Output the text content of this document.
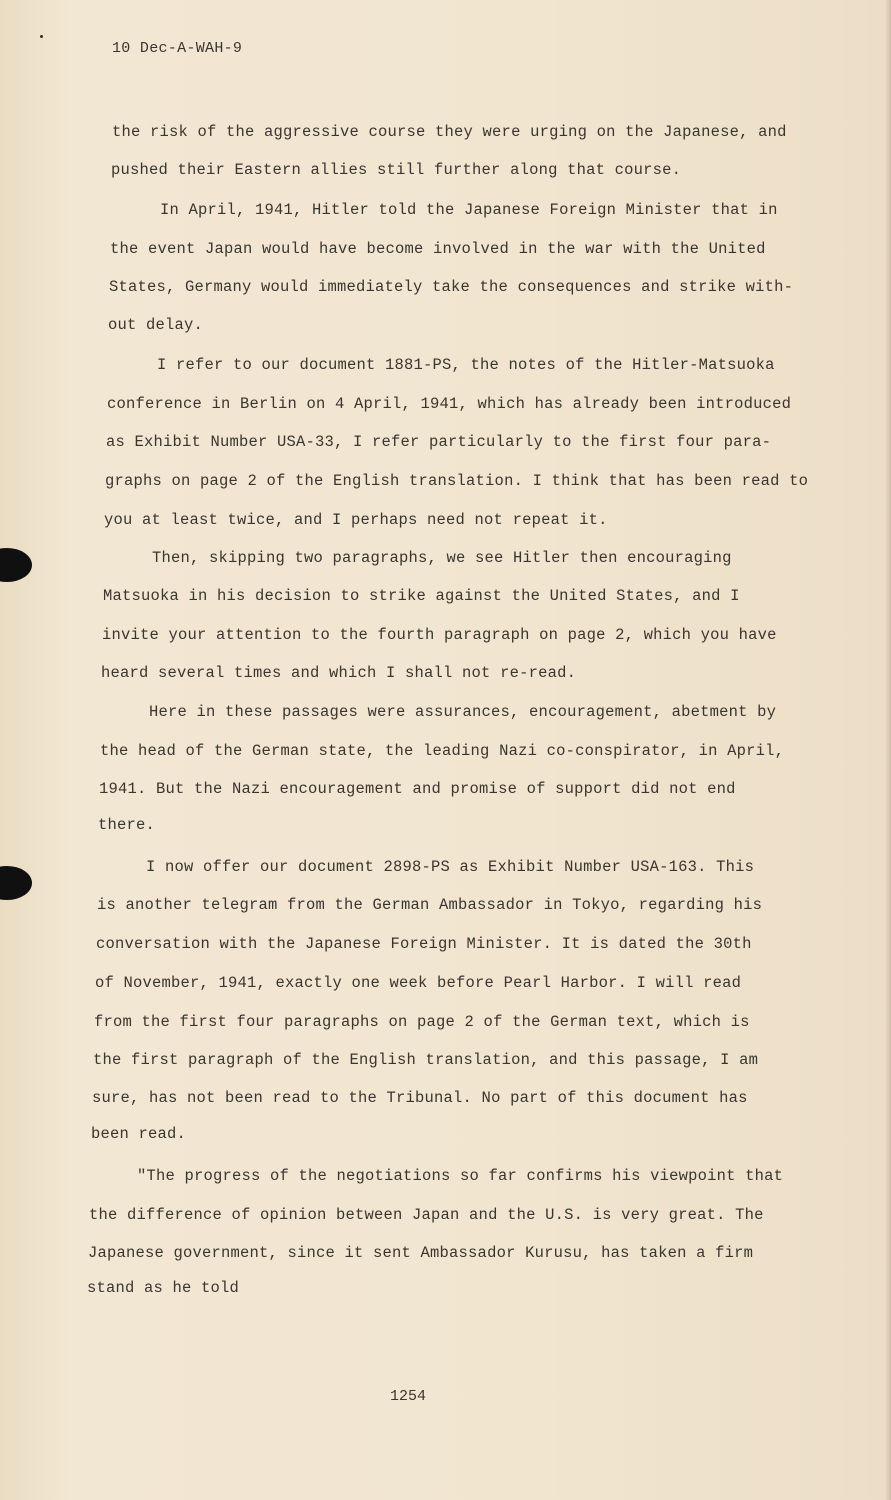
10 Dec-A-WAH-9
the risk of the aggressive course they were urging on the Japanese, and
pushed their Eastern allies still further along that course.
In April, 1941, Hitler told the Japanese Foreign Minister that in
the event Japan would have become involved in the war with the United
States, Germany would immediately take the consequences and strike with-
out delay.
I refer to our document 1881-PS, the notes of the Hitler-Matsuoka
conference in Berlin on 4 April, 1941, which has already been introduced
as Exhibit Number USA-33, I refer particularly to the first four para-
graphs on page 2 of the English translation. I think that has been read to
you at least twice, and I perhaps need not repeat it.
Then, skipping two paragraphs, we see Hitler then encouraging
Matsuoka in his decision to strike against the United States, and I
invite your attention to the fourth paragraph on page 2, which you have
heard several times and which I shall not re-read.
Here in these passages were assurances, encouragement, abetment by
the head of the German state, the leading Nazi co-conspirator, in April,
1941. But the Nazi encouragement and promise of support did not end
there.
I now offer our document 2898-PS as Exhibit Number USA-163. This
is another telegram from the German Ambassador in Tokyo, regarding his
conversation with the Japanese Foreign Minister. It is dated the 30th
of November, 1941, exactly one week before Pearl Harbor. I will read
from the first four paragraphs on page 2 of the German text, which is
the first paragraph of the English translation, and this passage, I am
sure, has not been read to the Tribunal. No part of this document has
been read.
"The progress of the negotiations so far confirms his viewpoint that
the difference of opinion between Japan and the U.S. is very great. The
Japanese government, since it sent Ambassador Kurusu, has taken a firm
stand as he told
1254
